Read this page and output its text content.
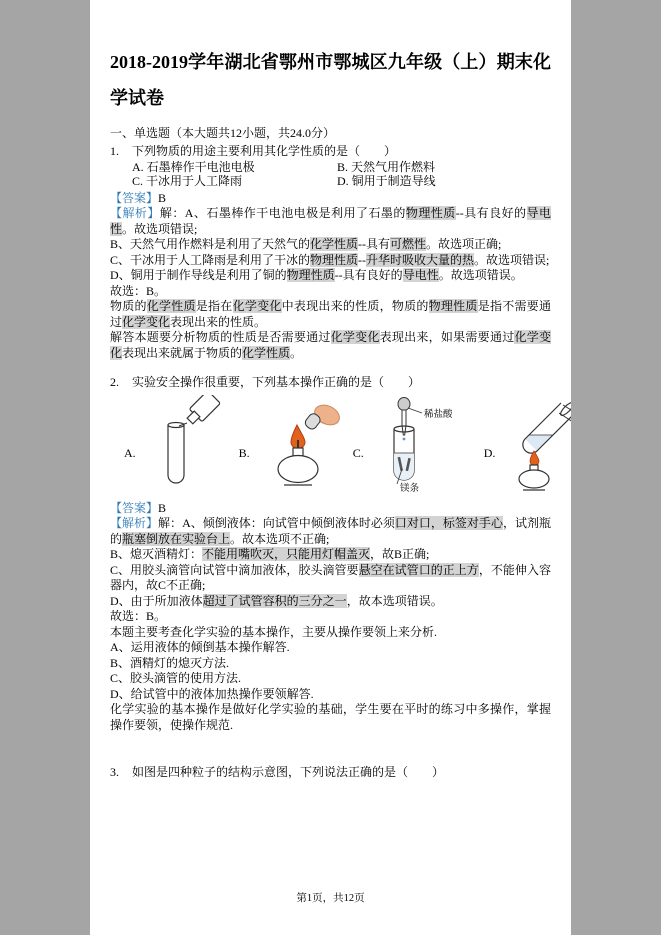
2018-2019学年湖北省鄂州市鄂城区九年级（上）期末化学试卷
一、单选题（本大题共12小题，共24.0分）
1.	下列物质的用途主要利用其化学性质的是（　　）
A. 石墨棒作干电池电极	B. 天然气用作燃料
C. 干冰用于人工降雨	D. 铜用于制造导线

【答案】B

【解析】解：A、石墨棒作干电池电极是利用了石墨的物理性质--具有良好的导电性。故选项错误;

B、天然气用作燃料是利用了天然气的化学性质--具有可燃性。故选项正确;

C、干冰用于人工降雨是利用了干冰的物理性质--升华时吸收大量的热。故选项错误;

D、铜用于制作导线是利用了铜的物理性质--具有良好的导电性。故选项错误。

故选：B。

物质的化学性质是指在化学变化中表现出来的性质，物质的物理性质是指不需要通过化学变化表现出来的性质。

解答本题要分析物质的性质是否需要通过化学变化表现出来，如果需要通过化学变化表现出来就属于物质的化学性质。

2.	实验安全操作很重要，下列基本操作正确的是（　　）
A.	B.	C.
稀盐酸
镁条
D.

【答案】B

【解析】解：A、倾倒液体：向试管中倾倒液体时必须口对口，标签对手心，试剂瓶的瓶塞倒放在实验台上。故本选项不正确;

B、熄灭酒精灯：不能用嘴吹灭，只能用灯帽盖灭，故B正确;

C、用胶头滴管向试管中滴加液体，胶头滴管要悬空在试管口的正上方，不能伸入容器内，故C不正确;

D、由于所加液体超过了试管容积的三分之一，故本选项错误。

故选：B。

本题主要考查化学实验的基本操作，主要从操作要领上来分析.

A、运用液体的倾倒基本操作解答.

B、酒精灯的熄灭方法.

C、胶头滴管的使用方法.

D、给试管中的液体加热操作要领解答.

化学实验的基本操作是做好化学实验的基础，学生要在平时的练习中多操作，掌握操作要领，使操作规范.

3.	如图是四种粒子的结构示意图，下列说法正确的是（　　）
第1页，共12页
